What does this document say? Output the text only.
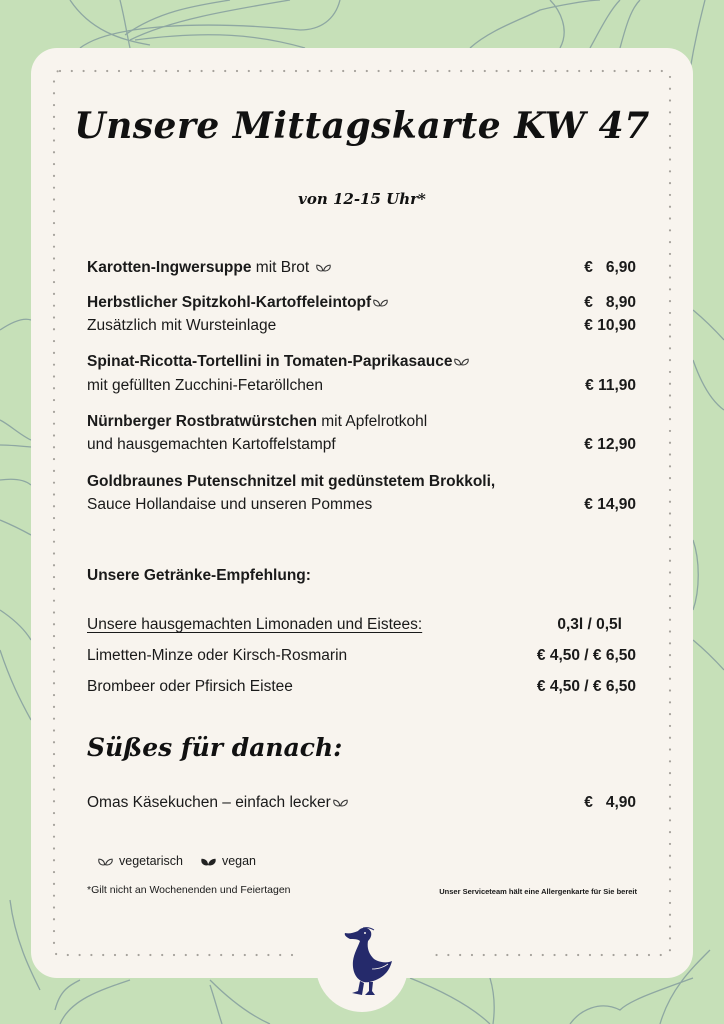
Unsere Mittagskarte KW 47
von 12-15 Uhr*
Karotten-Ingwersuppe mit Brot	€   6,90
Herbstlicher Spitzkohl-Kartoffeleintopf	€   8,90
Zusätzlich mit Wursteinlage	€ 10,90
Spinat-Ricotta-Tortellini in Tomaten-Paprikasauce
mit gefüllten Zucchini-Fetaröllchen	€ 11,90
Nürnberger Rostbratwürstchen mit Apfelrotkohl
und hausgemachten Kartoffelstampf	€ 12,90
Goldbraunes Putenschnitzel mit gedünstetem Brokkoli,
Sauce Hollandaise und unseren Pommes	€ 14,90
Unsere Getränke-Empfehlung:
Unsere hausgemachten Limonaden und Eistees:	0,3l / 0,5l
Limetten-Minze oder Kirsch-Rosmarin	€ 4,50 / € 6,50
Brombeer oder Pfirsich Eistee	€ 4,50 / € 6,50
Süßes für danach:
Omas Käsekuchen – einfach lecker	€   4,90
vegetarisch	vegan
*Gilt nicht an Wochenenden und Feiertagen	Unser Serviceteam hält eine Allergenkarte für Sie bereit
